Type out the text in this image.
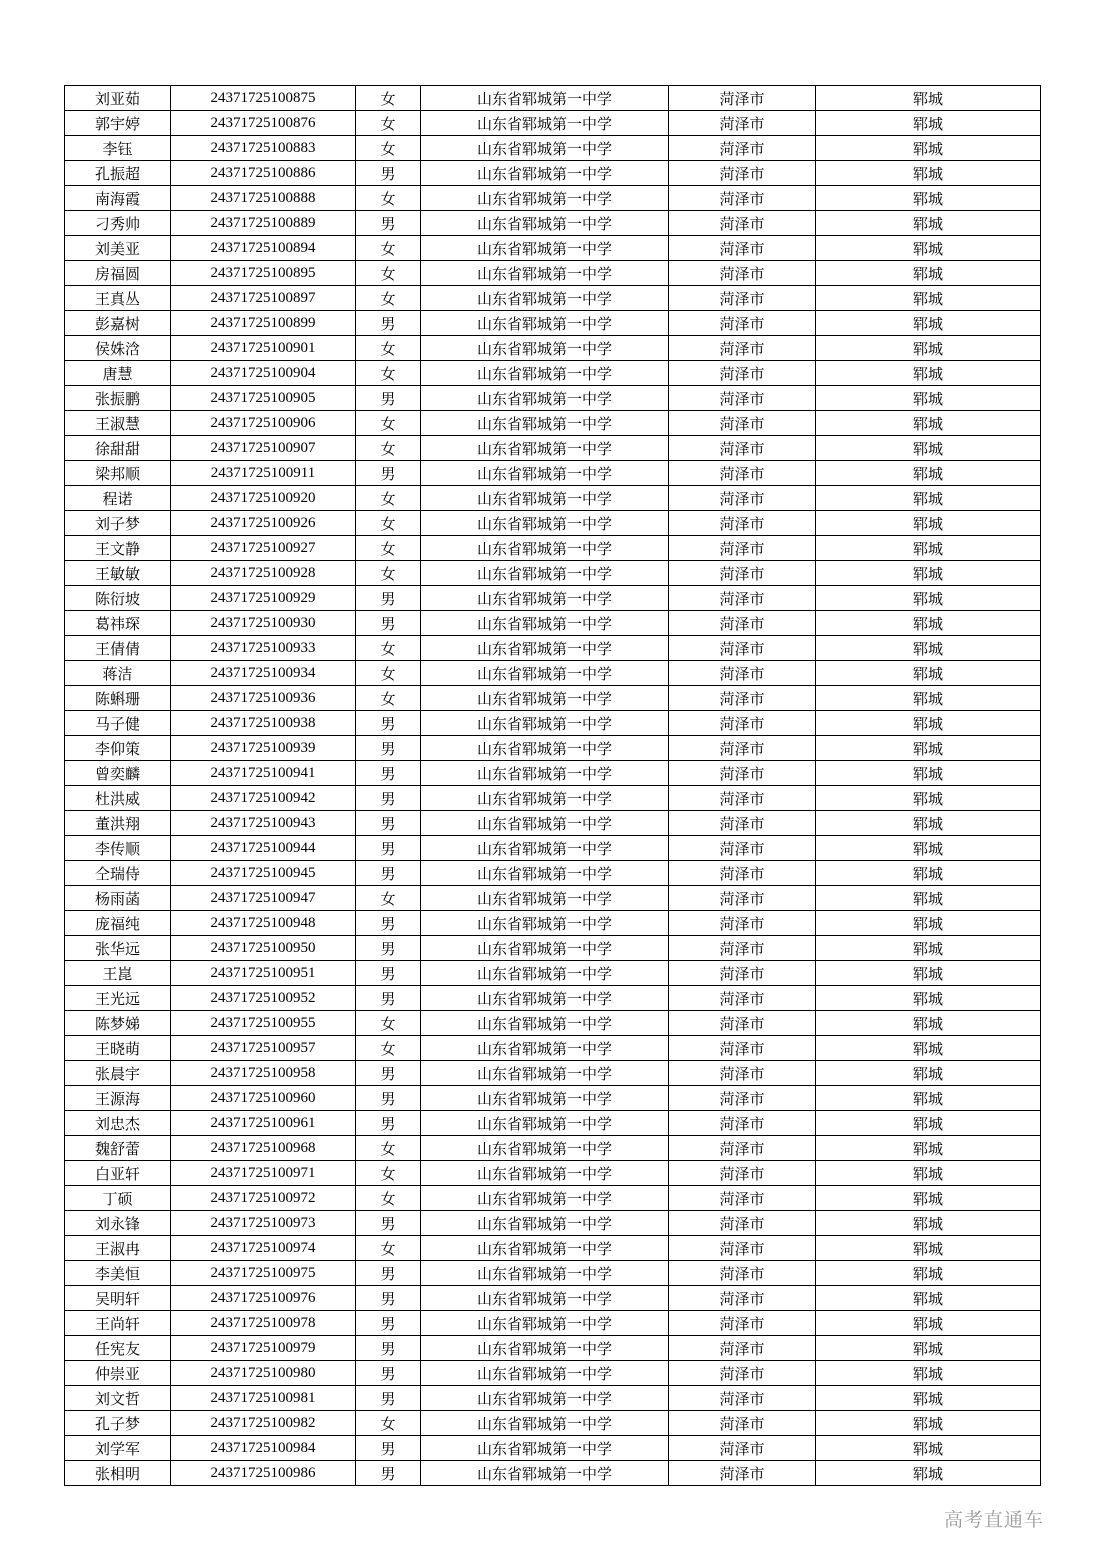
刘亚茹	24371725100875	女	山东省郓城第一中学	菏泽市	郓城
郭宇婷	24371725100876	女	山东省郓城第一中学	菏泽市	郓城
李钰	24371725100883	女	山东省郓城第一中学	菏泽市	郓城
孔振超	24371725100886	男	山东省郓城第一中学	菏泽市	郓城
南海霞	24371725100888	女	山东省郓城第一中学	菏泽市	郓城
刁秀帅	24371725100889	男	山东省郓城第一中学	菏泽市	郓城
刘美亚	24371725100894	女	山东省郓城第一中学	菏泽市	郓城
房福圆	24371725100895	女	山东省郓城第一中学	菏泽市	郓城
王真丛	24371725100897	女	山东省郓城第一中学	菏泽市	郓城
彭嘉树	24371725100899	男	山东省郓城第一中学	菏泽市	郓城
侯姝浛	24371725100901	女	山东省郓城第一中学	菏泽市	郓城
唐慧	24371725100904	女	山东省郓城第一中学	菏泽市	郓城
张振鹏	24371725100905	男	山东省郓城第一中学	菏泽市	郓城
王淑慧	24371725100906	女	山东省郓城第一中学	菏泽市	郓城
徐甜甜	24371725100907	女	山东省郓城第一中学	菏泽市	郓城
梁邦顺	24371725100911	男	山东省郓城第一中学	菏泽市	郓城
程诺	24371725100920	女	山东省郓城第一中学	菏泽市	郓城
刘子梦	24371725100926	女	山东省郓城第一中学	菏泽市	郓城
王文静	24371725100927	女	山东省郓城第一中学	菏泽市	郓城
王敏敏	24371725100928	女	山东省郓城第一中学	菏泽市	郓城
陈衍坡	24371725100929	男	山东省郓城第一中学	菏泽市	郓城
葛祎琛	24371725100930	男	山东省郓城第一中学	菏泽市	郓城
王倩倩	24371725100933	女	山东省郓城第一中学	菏泽市	郓城
蒋洁	24371725100934	女	山东省郓城第一中学	菏泽市	郓城
陈蝌珊	24371725100936	女	山东省郓城第一中学	菏泽市	郓城
马子健	24371725100938	男	山东省郓城第一中学	菏泽市	郓城
李仰策	24371725100939	男	山东省郓城第一中学	菏泽市	郓城
曾奕麟	24371725100941	男	山东省郓城第一中学	菏泽市	郓城
杜洪威	24371725100942	男	山东省郓城第一中学	菏泽市	郓城
董洪翔	24371725100943	男	山东省郓城第一中学	菏泽市	郓城
李传顺	24371725100944	男	山东省郓城第一中学	菏泽市	郓城
仝瑞侍	24371725100945	男	山东省郓城第一中学	菏泽市	郓城
杨雨菡	24371725100947	女	山东省郓城第一中学	菏泽市	郓城
庞福纯	24371725100948	男	山东省郓城第一中学	菏泽市	郓城
张华远	24371725100950	男	山东省郓城第一中学	菏泽市	郓城
王崑	24371725100951	男	山东省郓城第一中学	菏泽市	郓城
王光远	24371725100952	男	山东省郓城第一中学	菏泽市	郓城
陈梦娣	24371725100955	女	山东省郓城第一中学	菏泽市	郓城
王晓萌	24371725100957	女	山东省郓城第一中学	菏泽市	郓城
张晨宇	24371725100958	男	山东省郓城第一中学	菏泽市	郓城
王源海	24371725100960	男	山东省郓城第一中学	菏泽市	郓城
刘忠杰	24371725100961	男	山东省郓城第一中学	菏泽市	郓城
魏舒蕾	24371725100968	女	山东省郓城第一中学	菏泽市	郓城
白亚轩	24371725100971	女	山东省郓城第一中学	菏泽市	郓城
丁硕	24371725100972	女	山东省郓城第一中学	菏泽市	郓城
刘永锋	24371725100973	男	山东省郓城第一中学	菏泽市	郓城
王淑冉	24371725100974	女	山东省郓城第一中学	菏泽市	郓城
李美恒	24371725100975	男	山东省郓城第一中学	菏泽市	郓城
吴明轩	24371725100976	男	山东省郓城第一中学	菏泽市	郓城
王尚轩	24371725100978	男	山东省郓城第一中学	菏泽市	郓城
任宪友	24371725100979	男	山东省郓城第一中学	菏泽市	郓城
仲崇亚	24371725100980	男	山东省郓城第一中学	菏泽市	郓城
刘文哲	24371725100981	男	山东省郓城第一中学	菏泽市	郓城
孔子梦	24371725100982	女	山东省郓城第一中学	菏泽市	郓城
刘学军	24371725100984	男	山东省郓城第一中学	菏泽市	郓城
张相明	24371725100986	男	山东省郓城第一中学	菏泽市	郓城
高考直通车
